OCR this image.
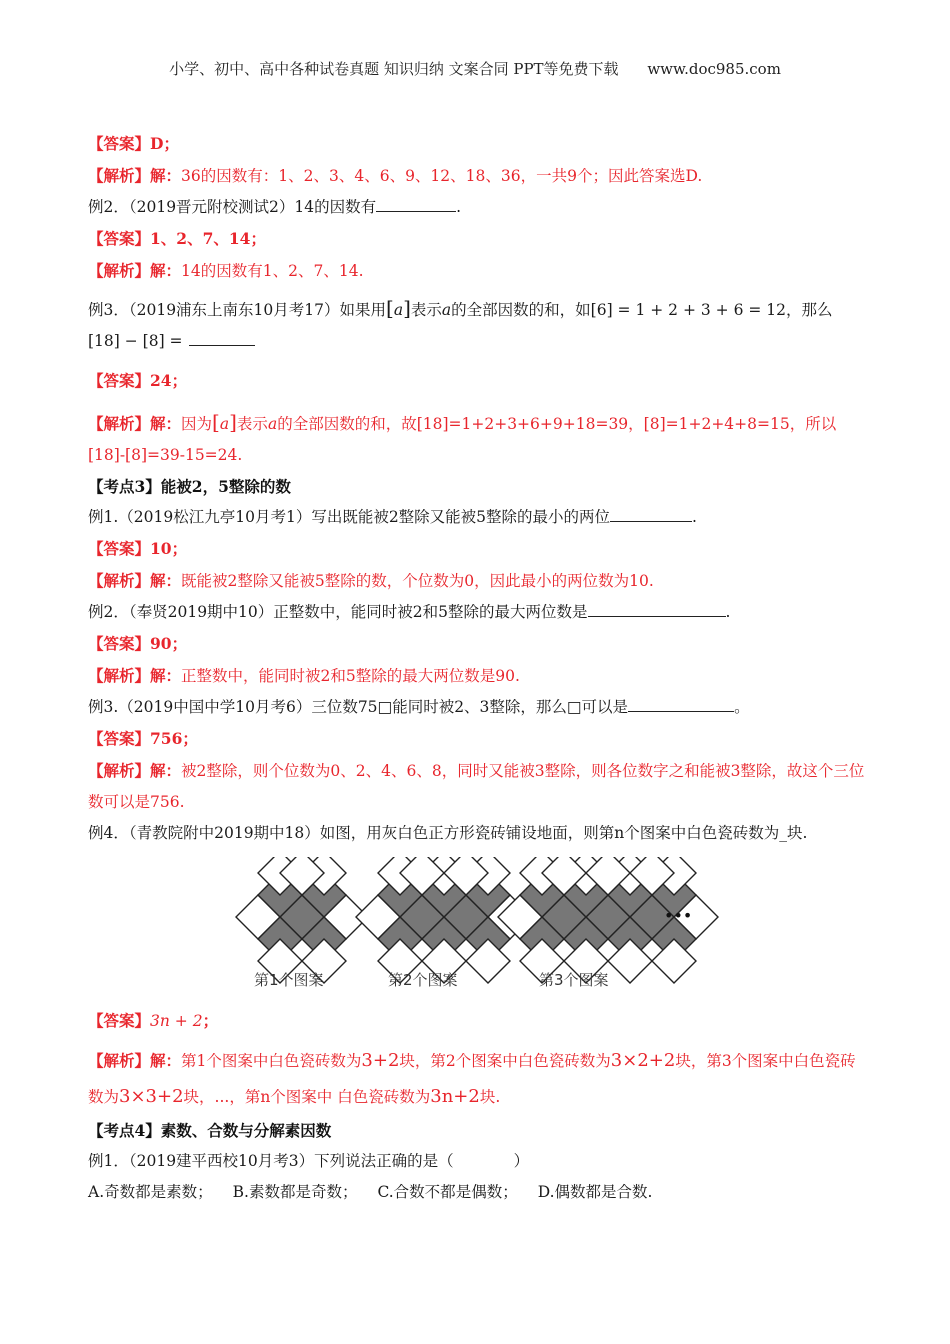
小学、初中、高中各种试卷真题 知识归纳 文案合同 PPT等免费下载 www.doc985.com
【答案】D；
【解析】解：36的因数有：1、2、3、4、6、9、12、18、36，一共9个；因此答案选D.
例2．（2019晋元附校测试2）14的因数有	.
【答案】1、2、7、14；
【解析】解：14的因数有1、2、7、14.
例3．（2019浦东上南东10月考17）如果用[a]表示a的全部因数的和，如[6] = 1 + 2 + 3 + 6 = 12，那么
[18] − [8] =
【答案】24；
【解析】解：因为[a]表示a的全部因数的和，故[18]=1+2+3+6+9+18=39，[8]=1+2+4+8=15，所以[18]-[8]=39-15=24.
【考点3】能被2，5整除的数
例1.（2019松江九亭10月考1）写出既能被2整除又能被5整除的最小的两位	.
【答案】10；
【解析】解：既能被2整除又能被5整除的数，个位数为0，因此最小的两位数为10.
例2．（奉贤2019期中10）正整数中，能同时被2和5整除的最大两位数是	.
【答案】90；
【解析】解：正整数中，能同时被2和5整除的最大两位数是90.
例3.（2019中国中学10月考6）三位数75□能同时被2、3整除，那么□可以是	。
【答案】756；
【解析】解：被2整除，则个位数为0、2、4、6、8，同时又能被3整除，则各位数字之和能被3整除，故这个三位数可以是756.
例4．（青教院附中2019期中18）如图，用灰白色正方形瓷砖铺设地面，则第n个图案中白色瓷砖数为_块.
第1个图案	第2个图案	第3个图案
•••
【答案】3n + 2；
【解析】解：第1个图案中白色瓷砖数为3+2块，第2个图案中白色瓷砖数为3×2+2块，第3个图案中白色瓷砖数为3×3+2块，...，第n个图案中 白色瓷砖数为3n+2块.
【考点4】素数、合数与分解素因数
例1．（2019建平西校10月考3）下列说法正确的是（	）
A.奇数都是素数； B.素数都是奇数； C.合数不都是偶数； D.偶数都是合数.
